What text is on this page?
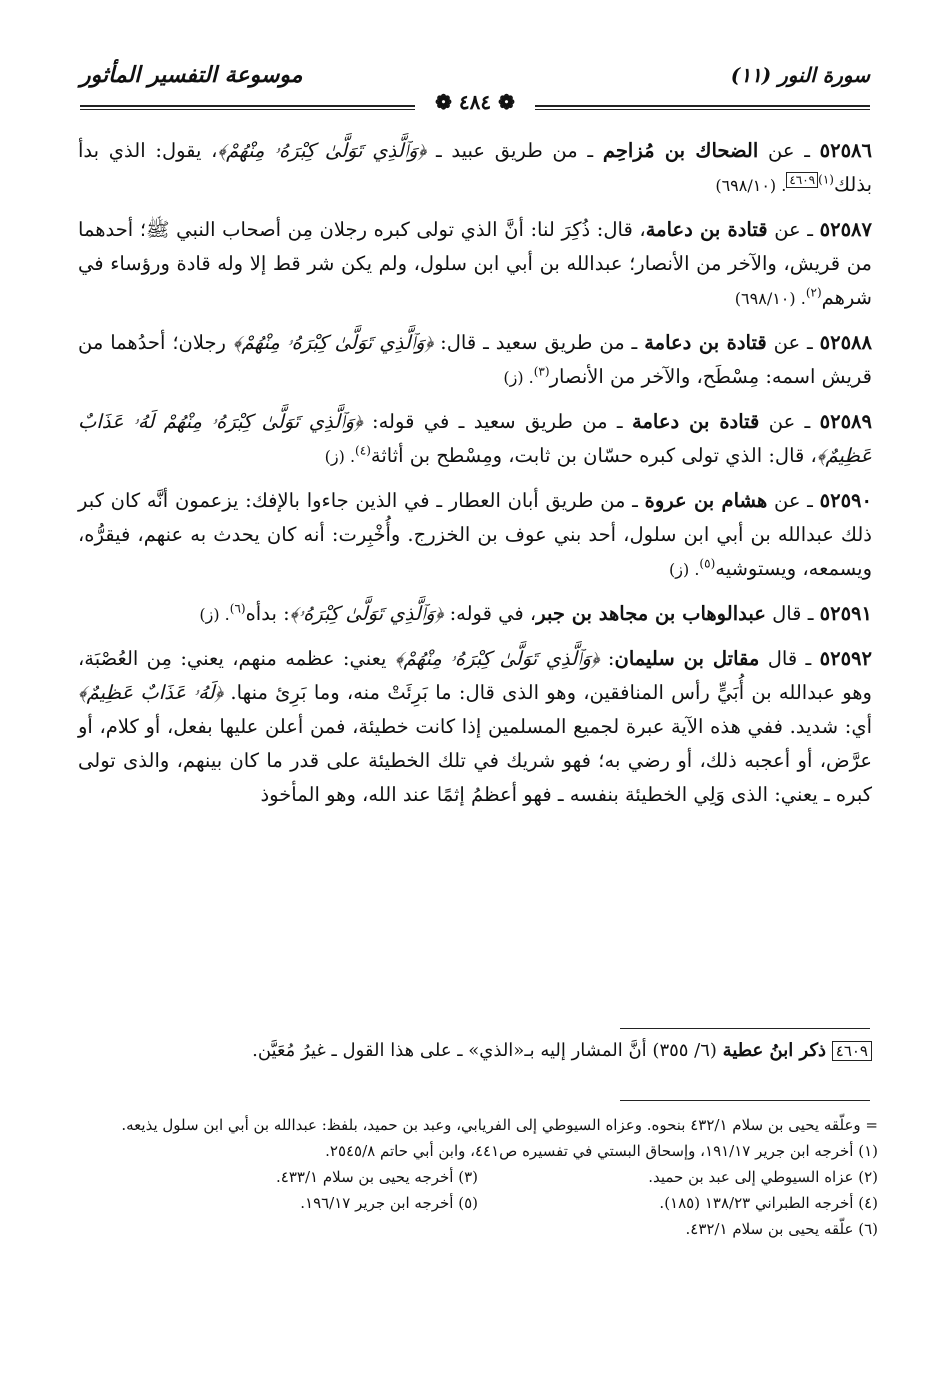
سورة النور (١١)
موسوعة التفسير المأثور
❁ ٤٨٤ ❁

٥٢٥٨٦ ـ عن الضحاك بن مُزاحِم ـ من طريق عبيد ـ ﴿وَٱلَّذِي تَوَلَّىٰ كِبْرَهُۥ مِنْهُمْ﴾، يقول: الذي بدأ بذلك$^{(١)}$٤٦٠٩. (٦٩٨/١٠)

٥٢٥٨٧ ـ عن قتادة بن دعامة، قال: ذُكِرَ لنا: أنَّ الذي تولى كبره رجلان مِن أصحاب النبي ﷺ؛ أحدهما من قريش، والآخر من الأنصار؛ عبدالله بن أبي ابن سلول، ولم يكن شر قط إلا وله قادة ورؤساء في شرهم$^{(٢)}$. (٦٩٨/١٠)

٥٢٥٨٨ ـ عن قتادة بن دعامة ـ من طريق سعيد ـ قال: ﴿وَٱلَّذِي تَوَلَّىٰ كِبْرَهُۥ مِنْهُمْ﴾ رجلان؛ أحدُهما من قريش اسمه: مِسْطَح، والآخر من الأنصار$^{(٣)}$. (ز)

٥٢٥٨٩ ـ عن قتادة بن دعامة ـ من طريق سعيد ـ في قوله: ﴿وَٱلَّذِي تَوَلَّىٰ كِبْرَهُۥ مِنْهُمْ لَهُۥ عَذَابٌ عَظِيمٌ﴾، قال: الذي تولى كبره حسّان بن ثابت، ومِسْطح بن أثاثة$^{(٤)}$. (ز)

٥٢٥٩٠ ـ عن هشام بن عروة ـ من طريق أبان العطار ـ في الذين جاءوا بالإفك: يزعمون أنَّه كان كبر ذلك عبدالله بن أبي ابن سلول، أحد بني عوف بن الخزرج. وأُخْبِرت: أنه كان يحدث به عنهم، فيقرُّه، ويسمعه، ويستوشيه$^{(٥)}$. (ز)

٥٢٥٩١ ـ قال عبدالوهاب بن مجاهد بن جبر، في قوله: ﴿وَٱلَّذِي تَوَلَّىٰ كِبْرَهُۥ﴾: بدأه$^{(٦)}$. (ز)

٥٢٥٩٢ ـ قال مقاتل بن سليمان: ﴿وَٱلَّذِي تَوَلَّىٰ كِبْرَهُۥ مِنْهُمْ﴾ يعني: عظمه منهم، يعني: مِن العُصْبَة، وهو عبدالله بن أُبَيٍّ رأس المنافقين، وهو الذى قال: ما بَرِئَتْ منه، وما بَرِئ منها. ﴿لَهُۥ عَذَابٌ عَظِيمٌ﴾ أي: شديد. ففي هذه الآية عبرة لجميع المسلمين إذا كانت خطيئة، فمن أعلن عليها بفعل، أو كلام، أو عرَّض، أو أعجبه ذلك، أو رضي به؛ فهو شريك في تلك الخطيئة على قدر ما كان بينهم، والذى تولى كبره ـ يعني: الذى وَلِي الخطيئة بنفسه ـ فهو أعظمُ إثمًا عند الله، وهو المأخوذ

٤٦٠٩ ذكر ابنُ عطية (٦/ ٣٥٥) أنَّ المشار إليه بـ«الذي» ـ على هذا القول ـ غيرُ مُعَيَّن.
= وعلّقه يحيى بن سلام ٤٣٢/١ بنحوه. وعزاه السيوطي إلى الفريابي، وعبد بن حميد، بلفظ: عبدالله بن أبي ابن سلول يذيعه.
(١) أخرجه ابن جرير ١٩١/١٧، وإسحاق البستي في تفسيره ص٤٤١، وابن أبي حاتم ٢٥٤٥/٨.
(٢) عزاه السيوطي إلى عبد بن حميد.
(٣) أخرجه يحيى بن سلام ٤٣٣/١.
(٤) أخرجه الطبراني ١٣٨/٢٣ (١٨٥).
(٥) أخرجه ابن جرير ١٩٦/١٧.
(٦) علّقه يحيى بن سلام ٤٣٢/١.
